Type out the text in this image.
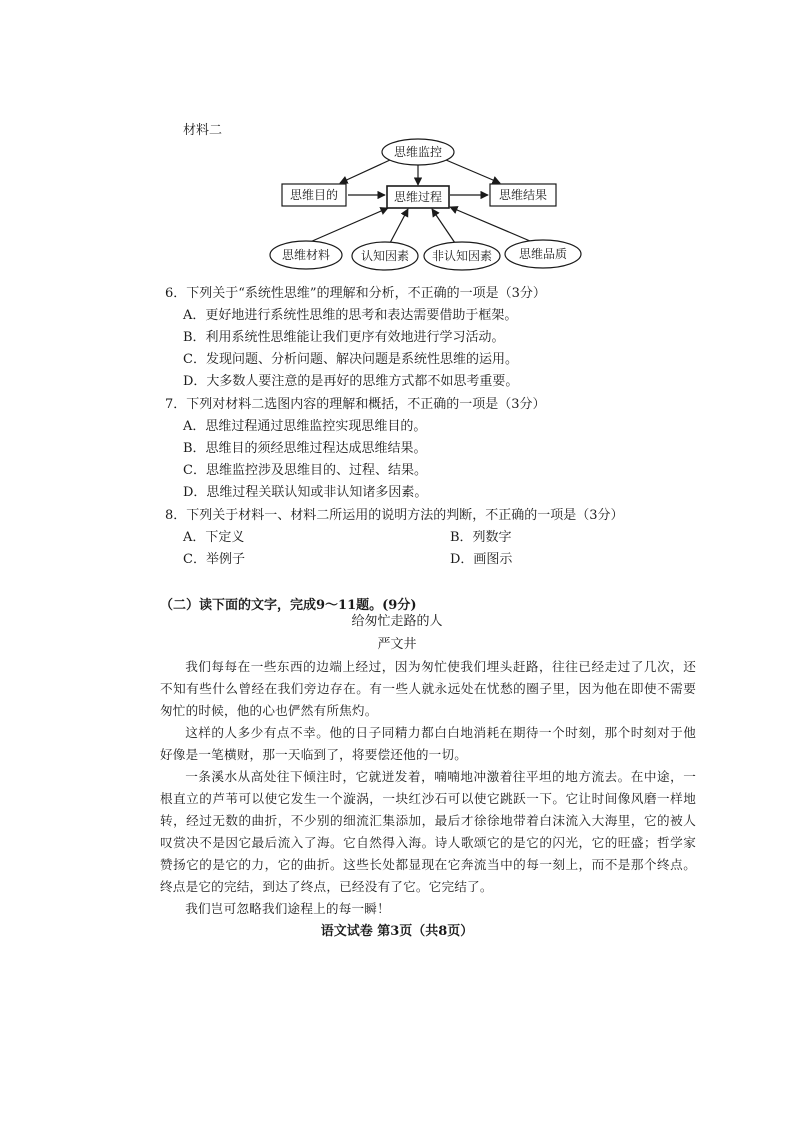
材料二
思维监控
思维目的	思维过程	思维结果
思维材料	认知因素 非认知因素 思维品质
6．下列关于“系统性思维”的理解和分析，不正确的一项是（3分）
A．更好地进行系统性思维的思考和表达需要借助于框架。
B．利用系统性思维能让我们更序有效地进行学习活动。
C．发现问题、分析问题、解决问题是系统性思维的运用。
D．大多数人要注意的是再好的思维方式都不如思考重要。
7．下列对材料二选图内容的理解和概括，不正确的一项是（3分）
A．思维过程通过思维监控实现思维目的。
B．思维目的须经思维过程达成思维结果。
C．思维监控涉及思维目的、过程、结果。
D．思维过程关联认知或非认知诸多因素。
8．下列关于材料一、材料二所运用的说明方法的判断，不正确的一项是（3分）
A．下定义	B．列数字
C．举例子	D．画图示
（二）读下面的文字，完成9～11题。(9分)
给匆忙走路的人
严文井
我们每每在一些东西的边端上经过，因为匆忙使我们埋头赶路，往往已经走过了几次，还不知有些什么曾经在我们旁边存在。有一些人就永远处在忧愁的圈子里，因为他在即使不需要匆忙的时候，他的心也俨然有所焦灼。
这样的人多少有点不幸。他的日子同精力都白白地消耗在期待一个时刻，那个时刻对于他好像是一笔横财，那一天临到了，将要偿还他的一切。
一条溪水从高处往下倾注时，它就迸发着，喃喃地冲激着往平坦的地方流去。在中途，一根直立的芦苇可以使它发生一个漩涡，一块红沙石可以使它跳跃一下。它让时间像风磨一样地转，经过无数的曲折，不少别的细流汇集添加，最后才徐徐地带着白沫流入大海里，它的被人叹赏决不是因它最后流入了海。它自然得入海。诗人歌颂它的是它的闪光，它的旺盛；哲学家赞扬它的是它的力，它的曲折。这些长处都显现在它奔流当中的每一刻上，而不是那个终点。终点是它的完结，到达了终点，已经没有了它。它完结了。
我们岂可忽略我们途程上的每一瞬！
语文试卷 第3页（共8页）
